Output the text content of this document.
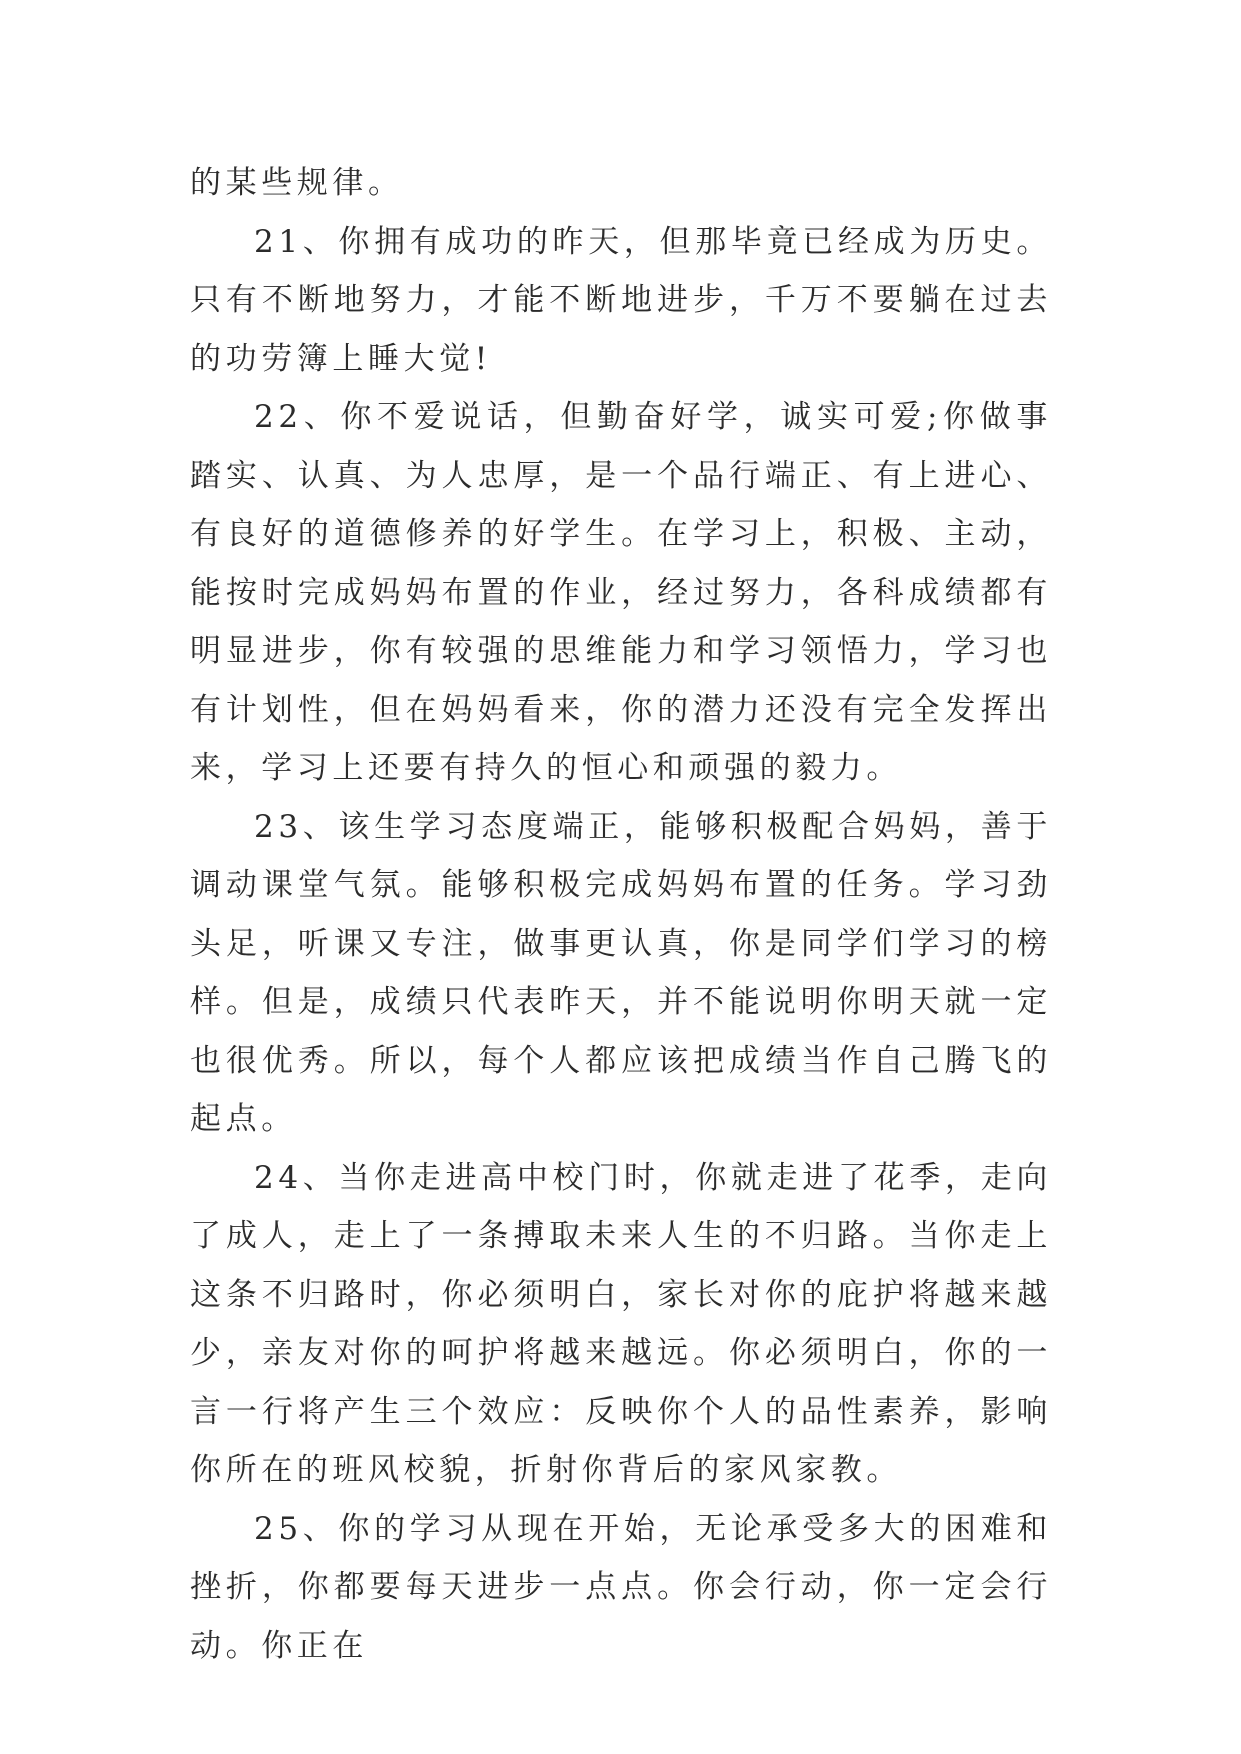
的某些规律。

21、你拥有成功的昨天，但那毕竟已经成为历史。只有不断地努力，才能不断地进步，千万不要躺在过去的功劳簿上睡大觉!

22、你不爱说话，但勤奋好学，诚实可爱;你做事踏实、认真、为人忠厚，是一个品行端正、有上进心、有良好的道德修养的好学生。在学习上，积极、主动，能按时完成妈妈布置的作业，经过努力，各科成绩都有明显进步，你有较强的思维能力和学习领悟力，学习也有计划性，但在妈妈看来，你的潜力还没有完全发挥出来，学习上还要有持久的恒心和顽强的毅力。

23、该生学习态度端正，能够积极配合妈妈，善于调动课堂气氛。能够积极完成妈妈布置的任务。学习劲头足，听课又专注，做事更认真，你是同学们学习的榜样。但是，成绩只代表昨天，并不能说明你明天就一定也很优秀。所以，每个人都应该把成绩当作自己腾飞的起点。

24、当你走进高中校门时，你就走进了花季，走向了成人，走上了一条搏取未来人生的不归路。当你走上这条不归路时，你必须明白，家长对你的庇护将越来越少，亲友对你的呵护将越来越远。你必须明白，你的一言一行将产生三个效应：反映你个人的品性素养，影响你所在的班风校貌，折射你背后的家风家教。

25、你的学习从现在开始，无论承受多大的困难和挫折，你都要每天进步一点点。你会行动，你一定会行动。你正在
